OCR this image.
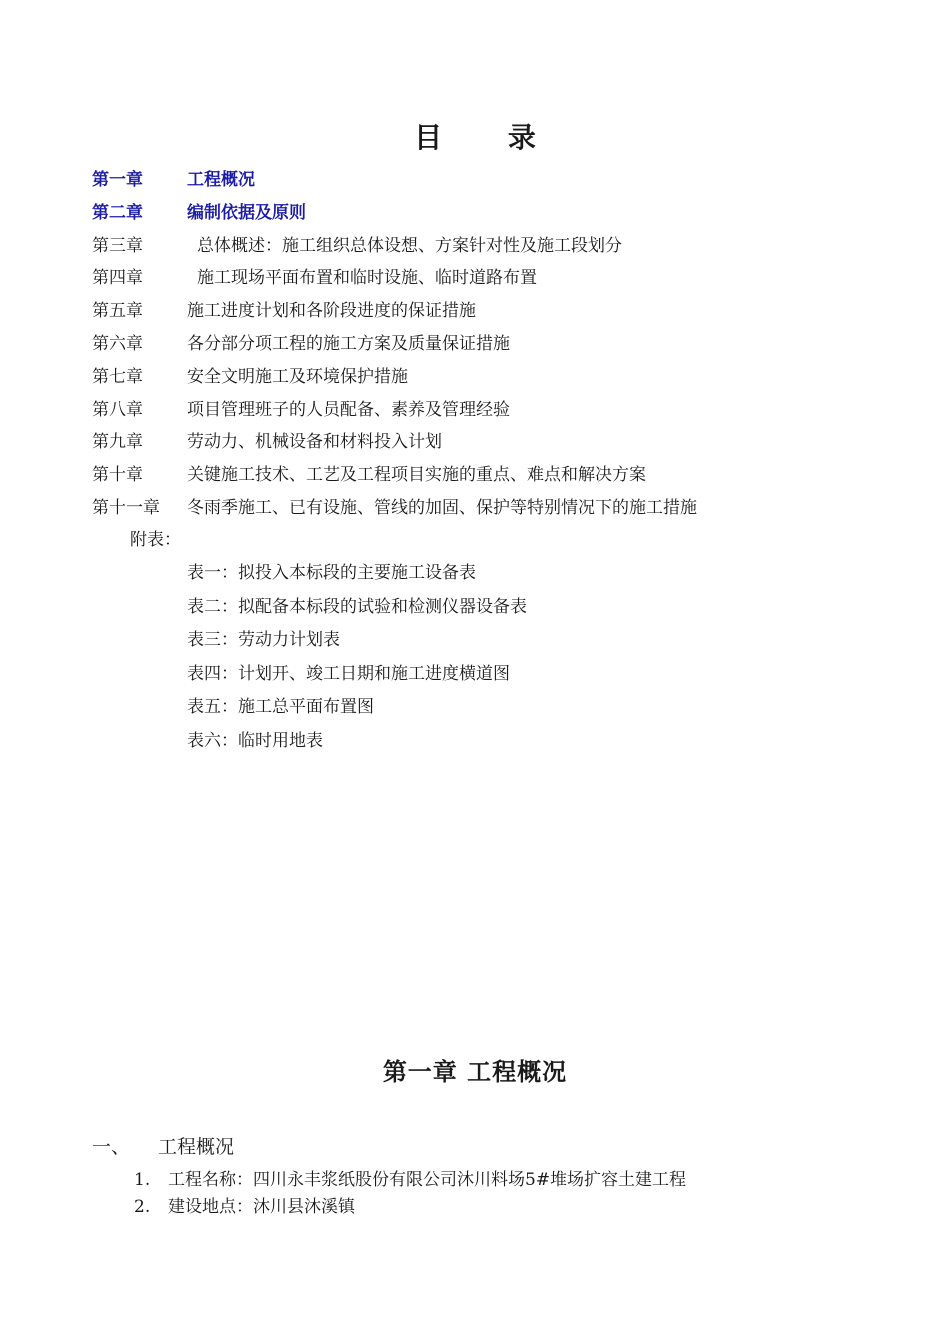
目 录
第一章	工程概况
第二章	编制依据及原则
第三章	总体概述：施工组织总体设想、方案针对性及施工段划分
第四章	施工现场平面布置和临时设施、临时道路布置
第五章	施工进度计划和各阶段进度的保证措施
第六章	各分部分项工程的施工方案及质量保证措施
第七章	安全文明施工及环境保护措施
第八章	项目管理班子的人员配备、素养及管理经验
第九章	劳动力、机械设备和材料投入计划
第十章	关键施工技术、工艺及工程项目实施的重点、难点和解决方案
第十一章	冬雨季施工、已有设施、管线的加固、保护等特别情况下的施工措施
附表：
表一：拟投入本标段的主要施工设备表
表二：拟配备本标段的试验和检测仪器设备表
表三：劳动力计划表
表四：计划开、竣工日期和施工进度横道图
表五：施工总平面布置图
表六：临时用地表
第一章 工程概况
一、	工程概况
1.	工程名称：四川永丰浆纸股份有限公司沐川料场5#堆场扩容土建工程
2.	建设地点：沐川县沐溪镇
